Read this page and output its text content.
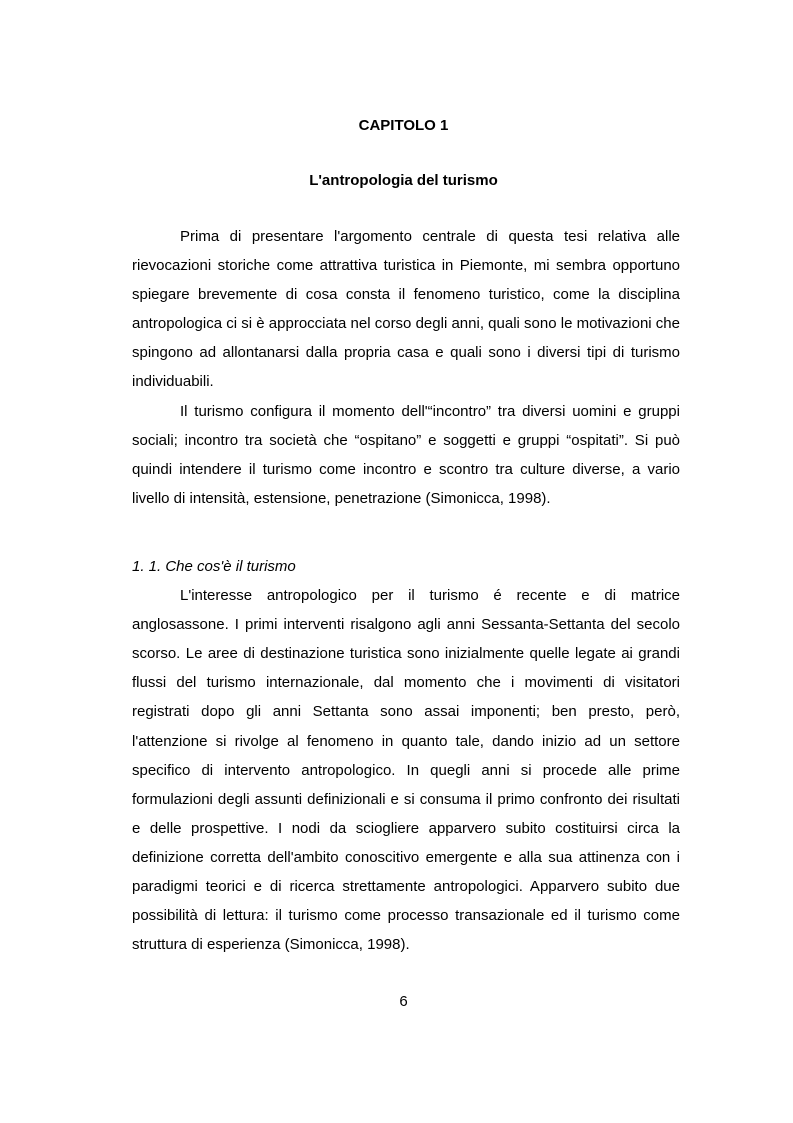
CAPITOLO 1
L'antropologia del turismo

Prima di presentare l'argomento centrale di questa tesi relativa alle rievocazioni storiche come attrattiva turistica in Piemonte, mi sembra opportuno spiegare brevemente di cosa consta il fenomeno turistico, come la disciplina antropologica ci si è approcciata nel corso degli anni, quali sono le motivazioni che spingono ad allontanarsi dalla propria casa e quali sono i diversi tipi di turismo individuabili.

Il turismo configura il momento dell'“incontro” tra diversi uomini e gruppi sociali; incontro tra società che “ospitano” e soggetti e gruppi “ospitati”. Si può quindi intendere il turismo come incontro e scontro tra culture diverse, a vario livello di intensità, estensione, penetrazione (Simonicca, 1998).

1. 1. Che cos'è il turismo

L'interesse antropologico per il turismo é recente e di matrice anglosassone. I primi interventi risalgono agli anni Sessanta-Settanta del secolo scorso. Le aree di destinazione turistica sono inizialmente quelle legate ai grandi flussi del turismo internazionale, dal momento che i movimenti di visitatori registrati dopo gli anni Settanta sono assai imponenti; ben presto, però, l'attenzione si rivolge al fenomeno in quanto tale, dando inizio ad un settore specifico di intervento antropologico. In quegli anni si procede alle prime formulazioni degli assunti definizionali e si consuma il primo confronto dei risultati e delle prospettive. I nodi da sciogliere apparvero subito costituirsi circa la definizione corretta dell'ambito conoscitivo emergente e alla sua attinenza con i paradigmi teorici e di ricerca strettamente antropologici. Apparvero subito due possibilità di lettura: il turismo come processo transazionale ed il turismo come struttura di esperienza (Simonicca, 1998).

6
